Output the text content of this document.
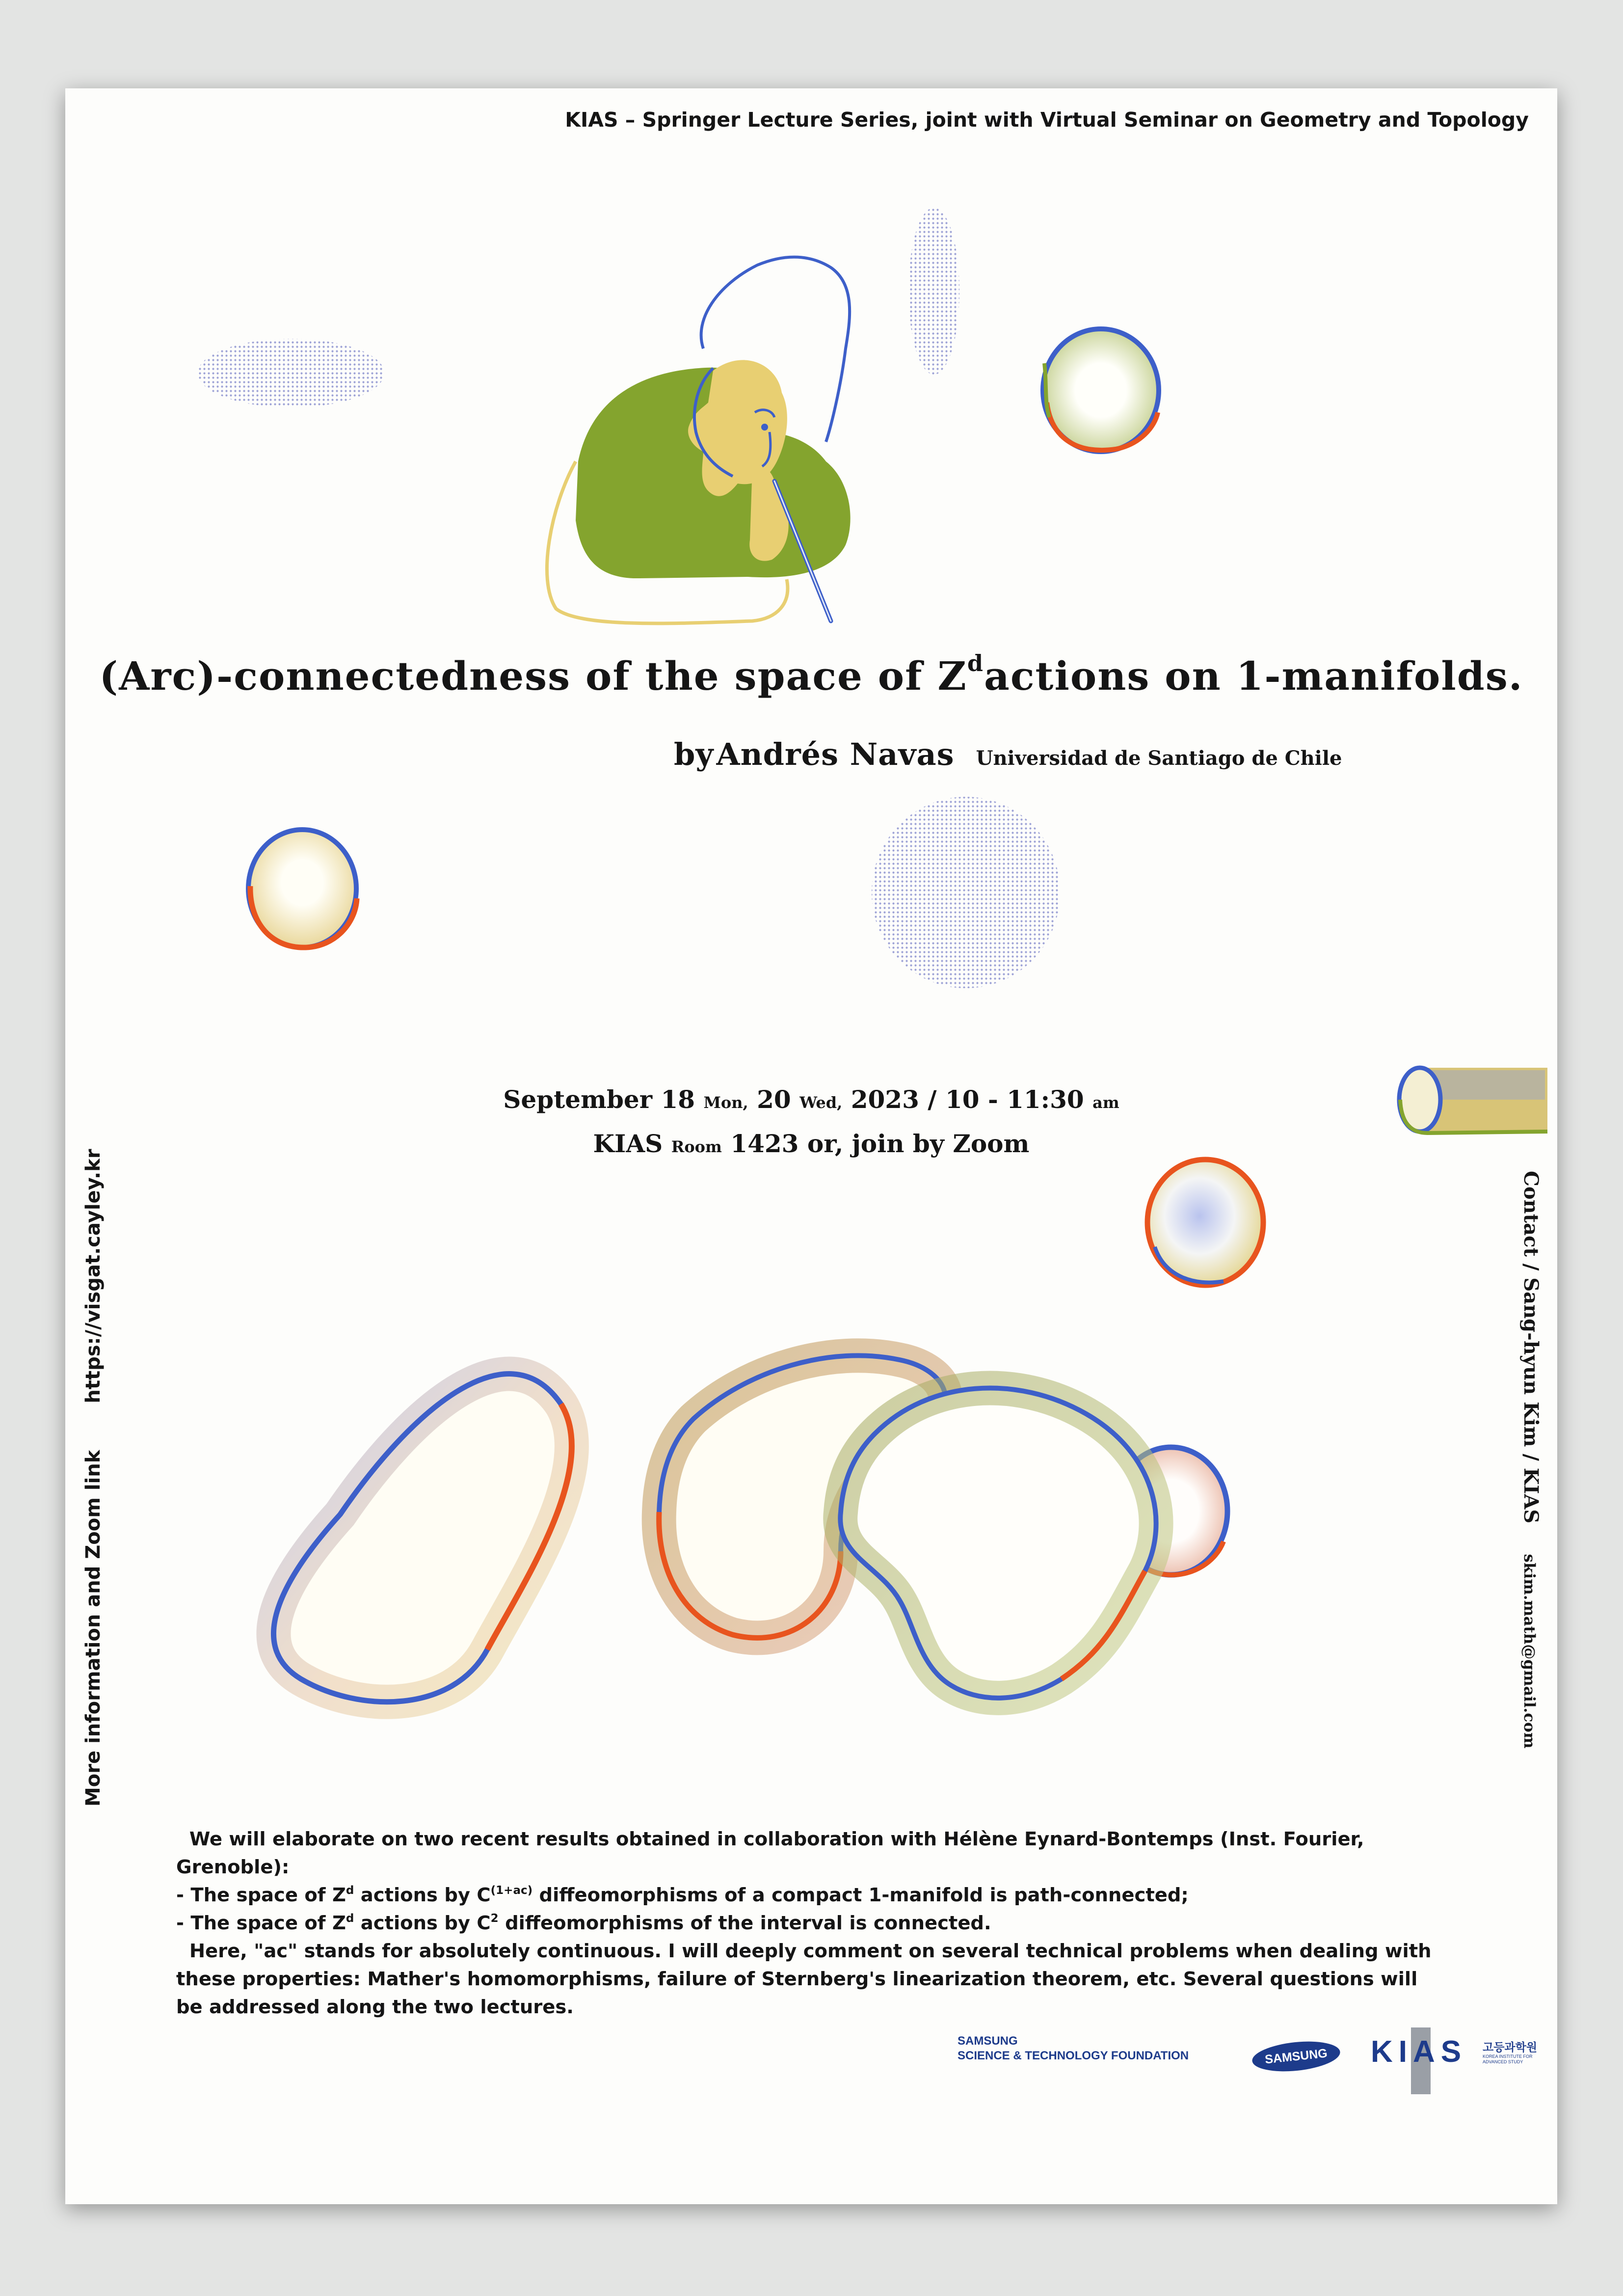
KIAS – Springer Lecture Series, joint with Virtual Seminar on Geometry and Topology
(Arc)-connectedness of the space of $Z^dactions$ on 1-manifolds.
by Andrés Navas Universidad de Santiago de Chile
September 18 Mon, 20 Wed, 2023 / 10 - 11:30 am
KIAS Room 1423 or, join by Zoom
More information and Zoom linkhttps://visgat.cayley.kr	Contact / Sang-hyun Kim / KIASskim.math@gmail.com

We will elaborate on two recent results obtained in collaboration with Hélène Eynard-Bontemps (Inst. Fourier, Grenoble):

- The space of $Z^d$ actions by $C^{(1+ac)}$ diffeomorphisms of a compact 1-manifold is path-connected;

- The space of $Z^d$ actions by $C^2$ diffeomorphisms of the interval is connected.

Here, "ac" stands for absolutely continuous. I will deeply comment on several technical problems when dealing with these properties: Mather's homomorphisms, failure of Sternberg's linearization theorem, etc. Several questions will be addressed along the two lectures.

SAMSUNG
SCIENCE & TECHNOLOGY FOUNDATION	SAMSUNG	KIAS 고등과학원
KOREA INSTITUTE FOR
ADVANCED STUDY
